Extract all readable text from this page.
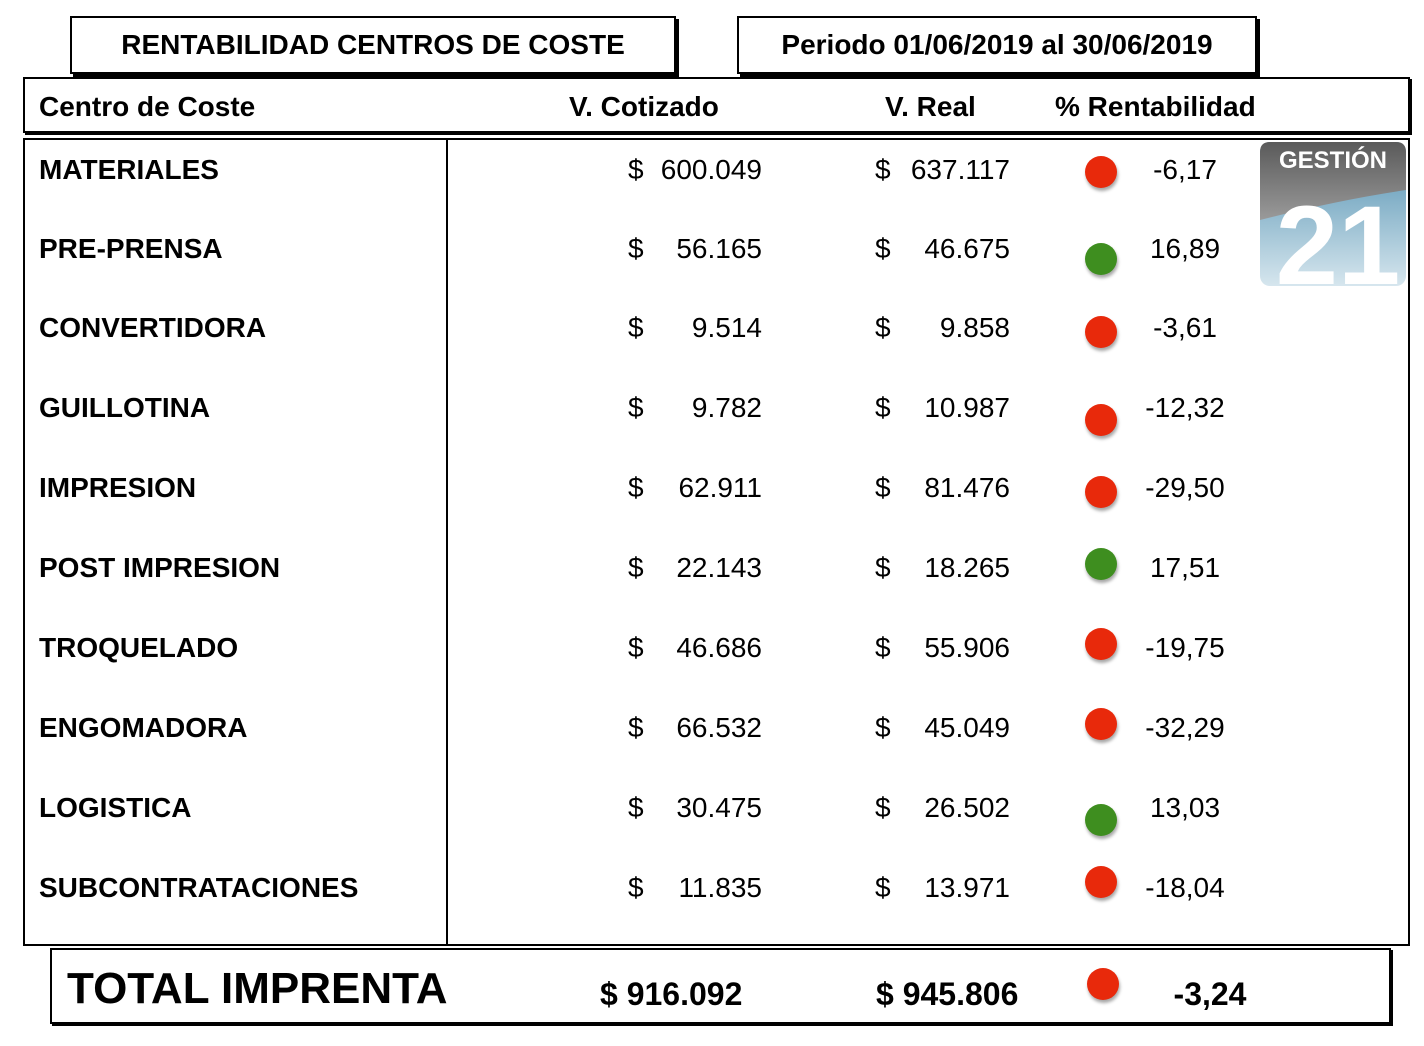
RENTABILIDAD CENTROS DE COSTE	Periodo 01/06/2019 al 30/06/2019
Centro de Coste	V. Cotizado	V. Real	% Rentabilidad
MATERIALES	$ 600.049	$ 637.117	-6,17
PRE-PRENSA	$	56.165	$	46.675	16,89
CONVERTIDORA	$	9.514	$	9.858	-3,61
GUILLOTINA	$	9.782	$	10.987	-12,32
IMPRESION	$	62.911	$	81.476	-29,50
POST IMPRESION	$	22.143	$	18.265	17,51
TROQUELADO	$	46.686	$	55.906	-19,75
ENGOMADORA	$	66.532	$	45.049	-32,29
LOGISTICA	$	30.475	$	26.502	13,03
SUBCONTRATACIONES	$	11.835	$	13.971	-18,04
GESTIÓN
21
TOTAL IMPRENTA	$ 916.092	$ 945.806	-3,24
